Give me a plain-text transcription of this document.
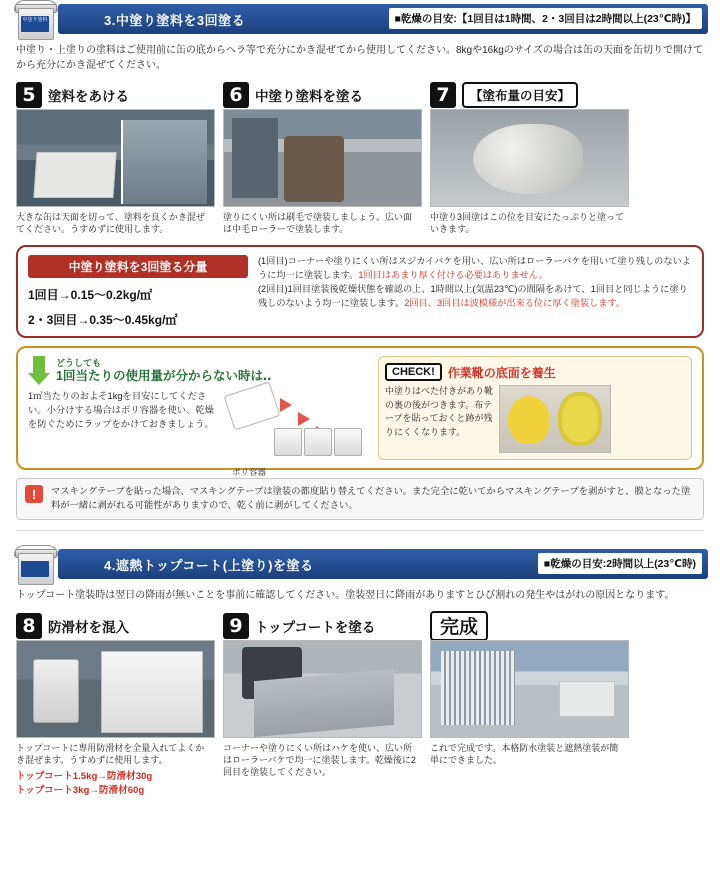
中塗り塗料	3.中塗り塗料を3回塗る	■乾燥の目安:【1回目は1時間、2・3回目は2時間以上(23℃時)】
中塗り・上塗りの塗料はご使用前に缶の底からヘラ等で充分にかき混ぜてから使用してください。8kgや16kgのサイズの場合は缶の天面を缶切りで開けてから充分にかき混ぜてください。
5 塗料をあける
大きな缶は天面を切って、塗料を良くかき混ぜてください。うすめずに使用します。
6 中塗り塗料を塗る
塗りにくい所は刷毛で塗装しましょう。広い面は中毛ローラーで塗装します。
7	【塗布量の目安】
中塗り3回塗はこの位を目安にたっぷりと塗っていきます。
中塗り塗料を3回塗る分量
1回目→0.15〜0.2kg/㎡
2・3回目→0.35〜0.45kg/㎡
(1回目)コーナーや塗りにくい所はスジカイバケを用い、広い所はローラーバケを用いて塗り残しのないように均一に塗装します。1回目はあまり厚く付ける必要はありません。
(2回目)1回目塗装後乾燥状態を確認の上、1時間以上(気温23℃)の間隔をあけて、1回目と同じように塗り残しのないよう均一に塗装します。2回目、3回目は波模様が出来る位に厚く塗装します。
どうしても
1回当たりの使用量が分からない時は‥
1㎡当たりのおよそ1kgを目安にしてください。小分けする場合はポリ容器を使い、乾燥を防ぐためにラップをかけておきましょう。
ポリ容器
CHECK!	作業靴の底面を養生
中塗りはべた付きがあり靴の裏の後がつきます。布テープを貼っておくと跡が残りにくくなります。
!	マスキングテープを貼った場合、マスキングテープは塗装の都度貼り替えてください。また完全に乾いてからマスキングテープを剥がすと、膜となった塗料が一緒に剥がれる可能性がありますので、乾く前に剥がしてください。
4.遮熱トップコート(上塗り)を塗る	■乾燥の目安:2時間以上(23℃時)
トップコート塗装時は翌日の降雨が無いことを事前に確認してください。塗装翌日に降雨がありますとひび割れの発生やはがれの原因となります。
8 防滑材を混入
トップコートに専用防滑材を全量入れてよくかき混ぜます。うすめずに使用します。
トップコート1.5kg→防滑材30g
トップコート3kg→防滑材60g
9 トップコートを塗る
コーナーや塗りにくい所はハケを使い、広い所はローラーバケで均一に塗装します。乾燥後に2回目を塗装してください。
完成
これで完成です。本格防水塗装と遮熱塗装が簡単にできました。
